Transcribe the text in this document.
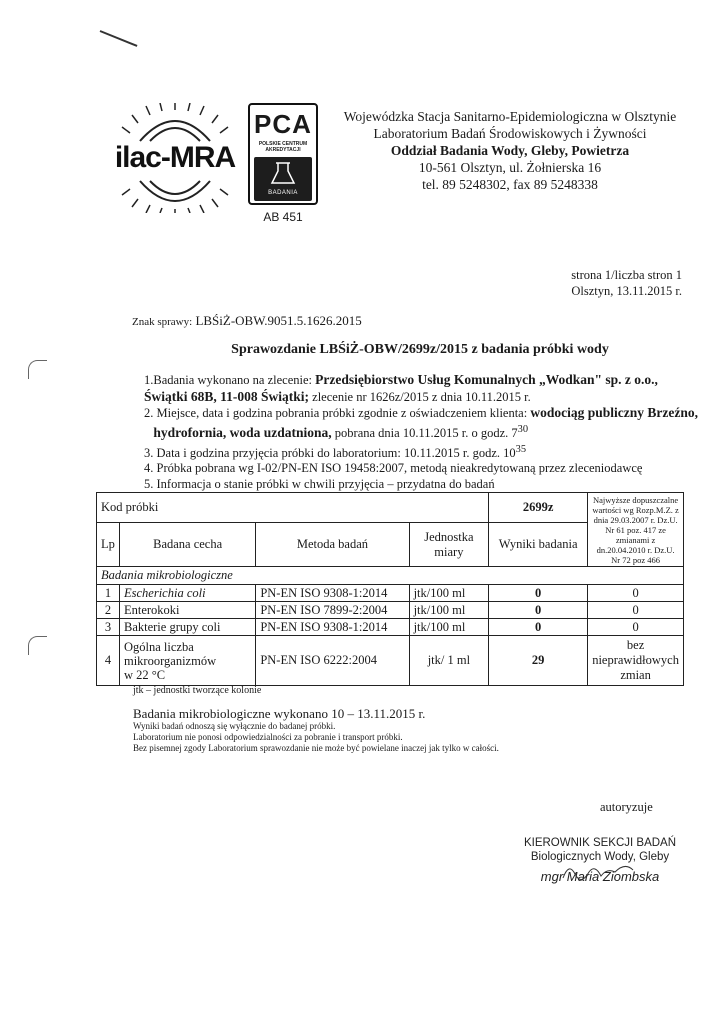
ilac-MRA
PCA
POLSKIE CENTRUM
AKREDYTACJI
BADANIA
AB 451
Wojewódzka Stacja Sanitarno-Epidemiologiczna w Olsztynie
Laboratorium Badań Środowiskowych i Żywności
Oddział Badania Wody, Gleby, Powietrza
10-561 Olsztyn, ul. Żołnierska 16
tel. 89 5248302, fax 89 5248338
strona 1/liczba stron 1
Olsztyn, 13.11.2015 r.
Znak sprawy: LBŚiŻ-OBW.9051.5.1626.2015
Sprawozdanie LBŚiŻ-OBW/2699z/2015 z badania próbki wody
1.Badania wykonano na zlecenie: Przedsiębiorstwo Usług Komunalnych „Wodkan" sp. z o.o.,
Świątki 68B, 11-008 Świątki; zlecenie nr 1626z/2015 z dnia 10.11.2015 r.
2. Miejsce, data i godzina pobrania próbki zgodnie z oświadczeniem klienta: wodociąg publiczny Brzeźno,
hydrofornia, woda uzdatniona, pobrana dnia 10.11.2015 r. o godz. $7^{30}$
3. Data i godzina przyjęcia próbki do laboratorium: 10.11.2015 r. godz. $10^{35}$
4. Próbka pobrana wg I-02/PN-EN ISO 19458:2007, metodą nieakredytowaną przez zleceniodawcę
5. Informacja o stanie próbki w chwili przyjęcia – przydatna do badań
Kod próbki				2699z	Najwyższe dopuszczalne wartości wg Rozp.M.Z. z dnia 29.03.2007 r. Dz.U. Nr 61 poz. 417 ze zmianami z dn.20.04.2010 r. Dz.U. Nr 72 poz 466
Lp	Badana cecha	Metoda badań	Jednostka miary	Wyniki badania	
Badania mikrobiologiczne					
1	Escherichia coli	PN-EN ISO 9308-1:2014	jtk/100 ml	0	0
2	Enterokoki	PN-EN ISO 7899-2:2004	jtk/100 ml	0	0
3	Bakterie grupy coli	PN-EN ISO 9308-1:2014	jtk/100 ml	0	0
4	Ogólna liczba
mikroorganizmów
w 22 °C	PN-EN ISO 6222:2004	jtk/ 1 ml	29	bez nieprawidłowych zmian
jtk – jednostki tworzące kolonie
Badania mikrobiologiczne wykonano 10 – 13.11.2015 r.
Wyniki badań odnoszą się wyłącznie do badanej próbki.
Laboratorium nie ponosi odpowiedzialności za pobranie i transport próbki.
Bez pisemnej zgody Laboratorium sprawozdanie nie może być powielane inaczej jak tylko w całości.
autoryzuje
KIEROWNIK SEKCJI BADAŃ
Biologicznych Wody, Gleby
mgr Maria Ziombska
